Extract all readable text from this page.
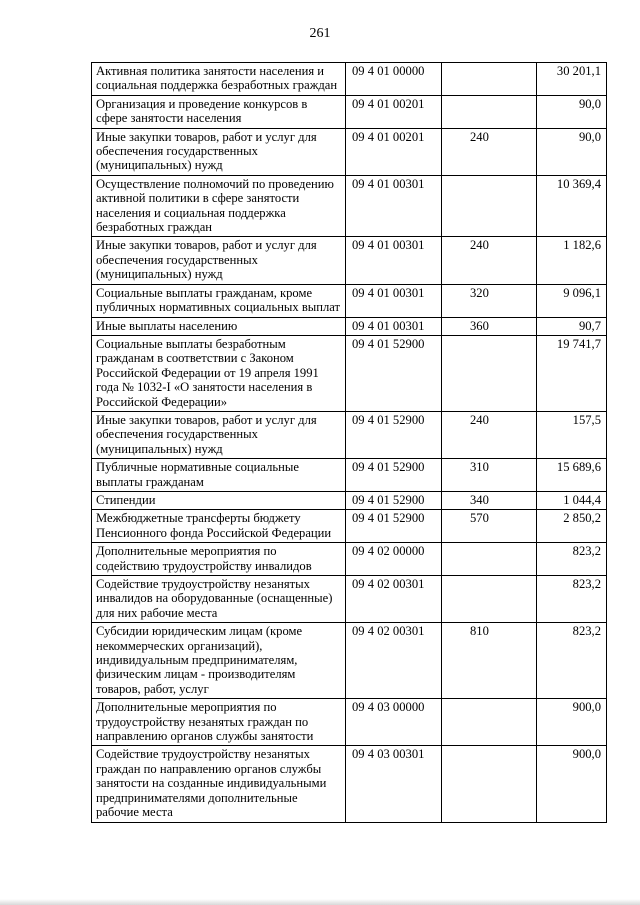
261
Активная политика занятости населения и социальная поддержка безработных граждан	09 4 01 00000		30 201,1
Организация и проведение конкурсов в сфере занятости населения	09 4 01 00201		90,0
Иные закупки товаров, работ и услуг для обеспечения государственных (муниципальных) нужд	09 4 01 00201	240	90,0
Осуществление полномочий по проведению активной политики в сфере занятости населения и социальная поддержка безработных граждан	09 4 01 00301		10 369,4
Иные закупки товаров, работ и услуг для обеспечения государственных (муниципальных) нужд	09 4 01 00301	240	1 182,6
Социальные выплаты гражданам, кроме публичных нормативных социальных выплат	09 4 01 00301	320	9 096,1
Иные выплаты населению	09 4 01 00301	360	90,7
Социальные выплаты безработным гражданам в соответствии с Законом Российской Федерации от 19 апреля 1991 года № 1032-I «О занятости населения в Российской Федерации»	09 4 01 52900		19 741,7
Иные закупки товаров, работ и услуг для обеспечения государственных (муниципальных) нужд	09 4 01 52900	240	157,5
Публичные нормативные социальные выплаты гражданам	09 4 01 52900	310	15 689,6
Стипендии	09 4 01 52900	340	1 044,4
Межбюджетные трансферты бюджету Пенсионного фонда Российской Федерации	09 4 01 52900	570	2 850,2
Дополнительные мероприятия по содействию трудоустройству инвалидов	09 4 02 00000		823,2
Содействие трудоустройству незанятых инвалидов на оборудованные (оснащенные) для них рабочие места	09 4 02 00301		823,2
Субсидии юридическим лицам (кроме некоммерческих организаций), индивидуальным предпринимателям, физическим лицам - производителям товаров, работ, услуг	09 4 02 00301	810	823,2
Дополнительные мероприятия по трудоустройству незанятых граждан по направлению органов службы занятости	09 4 03 00000		900,0
Содействие трудоустройству незанятых граждан по направлению органов службы занятости на созданные индивидуальными предпринимателями дополнительные рабочие места	09 4 03 00301		900,0
